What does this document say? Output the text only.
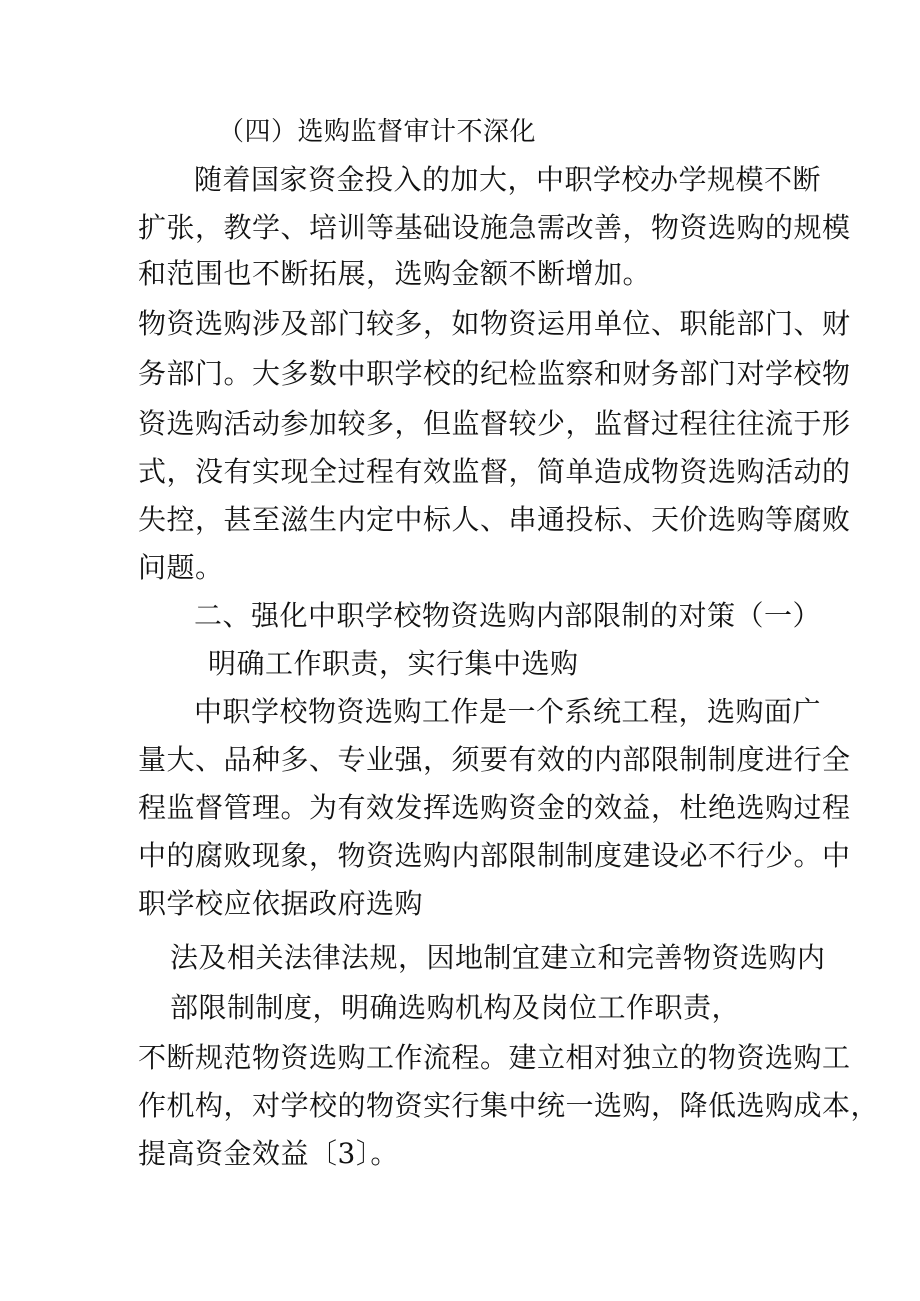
（四）选购监督审计不深化
随着国家资金投入的加大，中职学校办学规模不断
扩张，教学、培训等基础设施急需改善，物资选购的规模
和范围也不断拓展，选购金额不断增加。
物资选购涉及部门较多，如物资运用单位、职能部门、财
务部门。大多数中职学校的纪检监察和财务部门对学校物
资选购活动参加较多，但监督较少，监督过程往往流于形
式，没有实现全过程有效监督，简单造成物资选购活动的
失控，甚至滋生内定中标人、串通投标、天价选购等腐败
问题。
二、强化中职学校物资选购内部限制的对策（一）
明确工作职责，实行集中选购
中职学校物资选购工作是一个系统工程，选购面广
量大、品种多、专业强，须要有效的内部限制制度进行全
程监督管理。为有效发挥选购资金的效益，杜绝选购过程
中的腐败现象，物资选购内部限制制度建设必不行少。中
职学校应依据政府选购
法及相关法律法规，因地制宜建立和完善物资选购内
部限制制度，明确选购机构及岗位工作职责，
不断规范物资选购工作流程。建立相对独立的物资选购工
作机构，对学校的物资实行集中统一选购，降低选购成本，
提高资金效益〔3〕。
